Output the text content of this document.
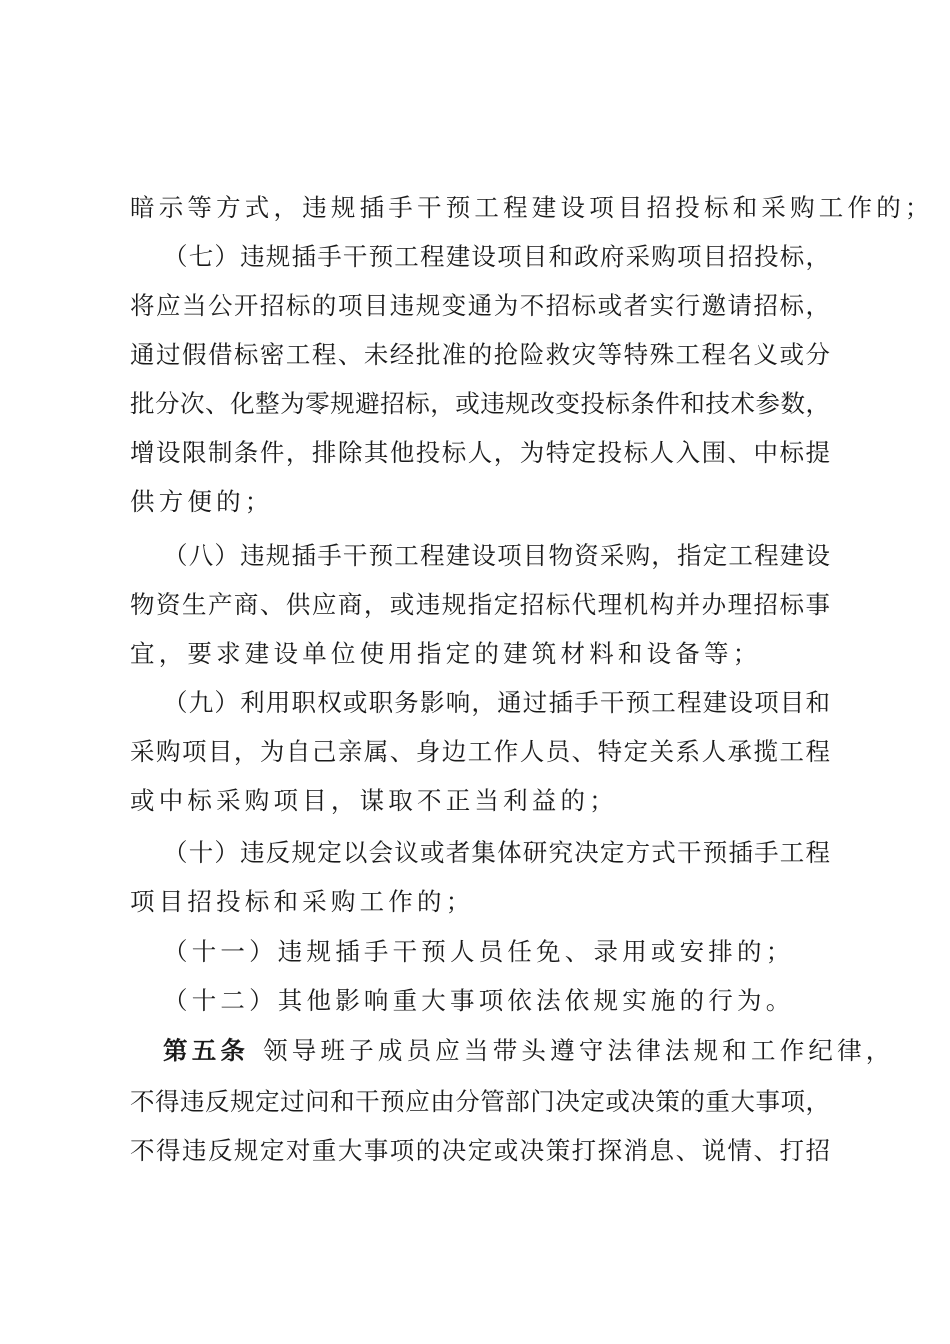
暗示等方式，违规插手干预工程建设项目招投标和采购工作的；
（七）违规插手干预工程建设项目和政府采购项目招投标，
将应当公开招标的项目违规变通为不招标或者实行邀请招标，
通过假借标密工程、未经批准的抢险救灾等特殊工程名义或分
批分次、化整为零规避招标，或违规改变投标条件和技术参数，
增设限制条件，排除其他投标人，为特定投标人入围、中标提
供方便的；
（八）违规插手干预工程建设项目物资采购，指定工程建设
物资生产商、供应商，或违规指定招标代理机构并办理招标事
宜，要求建设单位使用指定的建筑材料和设备等；
（九）利用职权或职务影响，通过插手干预工程建设项目和
采购项目，为自己亲属、身边工作人员、特定关系人承揽工程
或中标采购项目，谋取不正当利益的；
（十）违反规定以会议或者集体研究决定方式干预插手工程
项目招投标和采购工作的；
（十一）违规插手干预人员任免、录用或安排的；
（十二）其他影响重大事项依法依规实施的行为。
第五条 领导班子成员应当带头遵守法律法规和工作纪律，
不得违反规定过问和干预应由分管部门决定或决策的重大事项，
不得违反规定对重大事项的决定或决策打探消息、说情、打招
